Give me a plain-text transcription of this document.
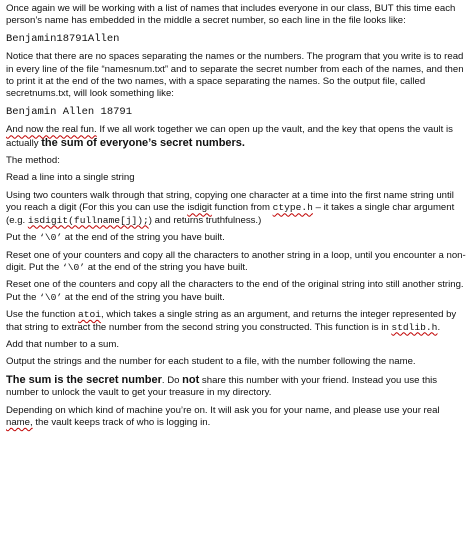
Once again we will be working with a list of names that includes everyone in our class, BUT this time each person’s name has embedded in the middle a secret number, so each line in the file looks like:

Benjamin18791Allen

Notice that there are no spaces separating the names or the numbers. The program that you write is to read in every line of the file “namesnum.txt” and to separate the secret number from each of the names, and then to print it at the end of the two names, with a space separating the names. So the output file, called secretnums.txt, will look something like:

Benjamin Allen 18791

And now the real fun. If we all work together we can open up the vault, and the key that opens the vault is actually the sum of everyone’s secret numbers.

The method:

Read a line into a single string

Using two counters walk through that string, copying one character at a time into the first name string until you reach a digit (For this you can use the isdigit function from ctype.h – it takes a single char argument (e.g. isdigit(fullname[j]);) and returns truthfulness.)

Put the ‘\0’ at the end of the string you have built.

Reset one of your counters and copy all the characters to another string in a loop, until you encounter a non-digit. Put the ‘\0’ at the end of the string you have built.

Reset one of the counters and copy all the characters to the end of the original string into still another string. Put the ‘\0’ at the end of the string you have built.

Use the function atoi, which takes a single string as an argument, and returns the integer represented by that string to extract the number from the second string you constructed. This function is in stdlib.h.

Add that number to a sum.

Output the strings and the number for each student to a file, with the number following the name.

The sum is the secret number. Do not share this number with your friend. Instead you use this number to unlock the vault to get your treasure in my directory.

Depending on which kind of machine you’re on. It will ask you for your name, and please use your real name, the vault keeps track of who is logging in.
